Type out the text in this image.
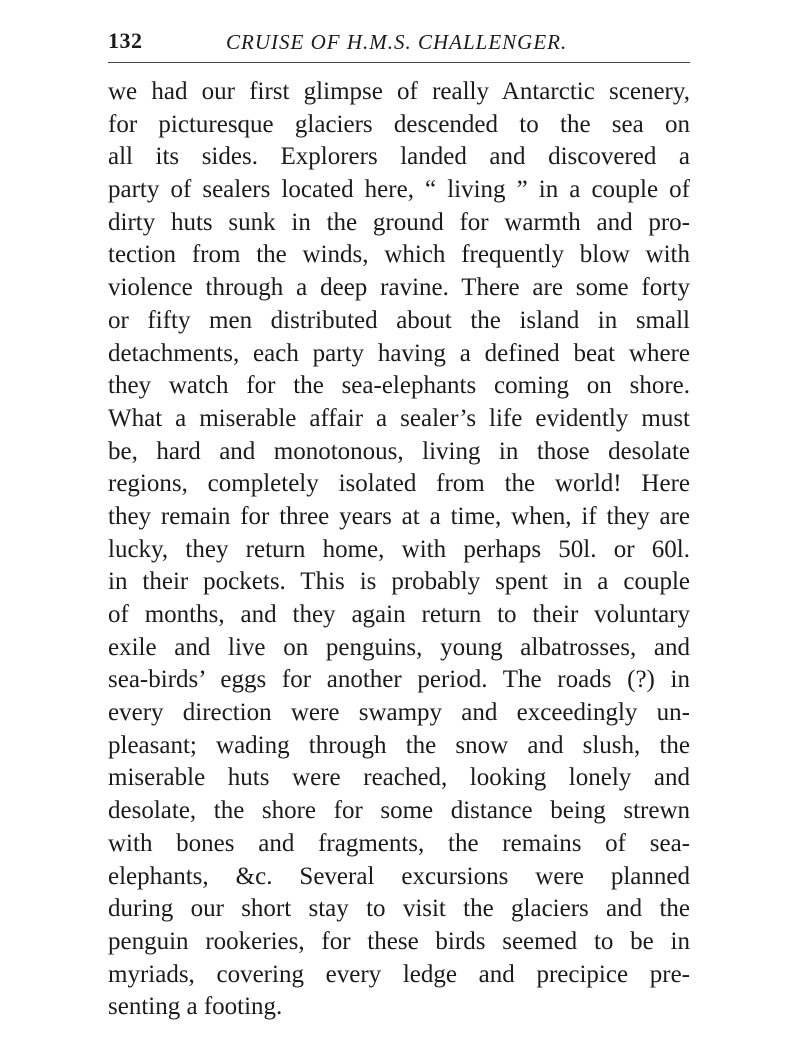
132	CRUISE OF H.M.S. CHALLENGER.
we had our first glimpse of really Antarctic scenery,
for picturesque glaciers descended to the sea on
all its sides. Explorers landed and discovered a
party of sealers located here, “ living ” in a couple of
dirty huts sunk in the ground for warmth and pro-
tection from the winds, which frequently blow with
violence through a deep ravine. There are some forty
or fifty men distributed about the island in small
detachments, each party having a defined beat where
they watch for the sea-elephants coming on shore.
What a miserable affair a sealer’s life evidently must
be, hard and monotonous, living in those desolate
regions, completely isolated from the world! Here
they remain for three years at a time, when, if they are
lucky, they return home, with perhaps 50l. or 60l.
in their pockets. This is probably spent in a couple
of months, and they again return to their voluntary
exile and live on penguins, young albatrosses, and
sea-birds’ eggs for another period. The roads (?) in
every direction were swampy and exceedingly un-
pleasant; wading through the snow and slush, the
miserable huts were reached, looking lonely and
desolate, the shore for some distance being strewn
with bones and fragments, the remains of sea-
elephants, &c. Several excursions were planned
during our short stay to visit the glaciers and the
penguin rookeries, for these birds seemed to be in
myriads, covering every ledge and precipice pre-
senting a footing.
